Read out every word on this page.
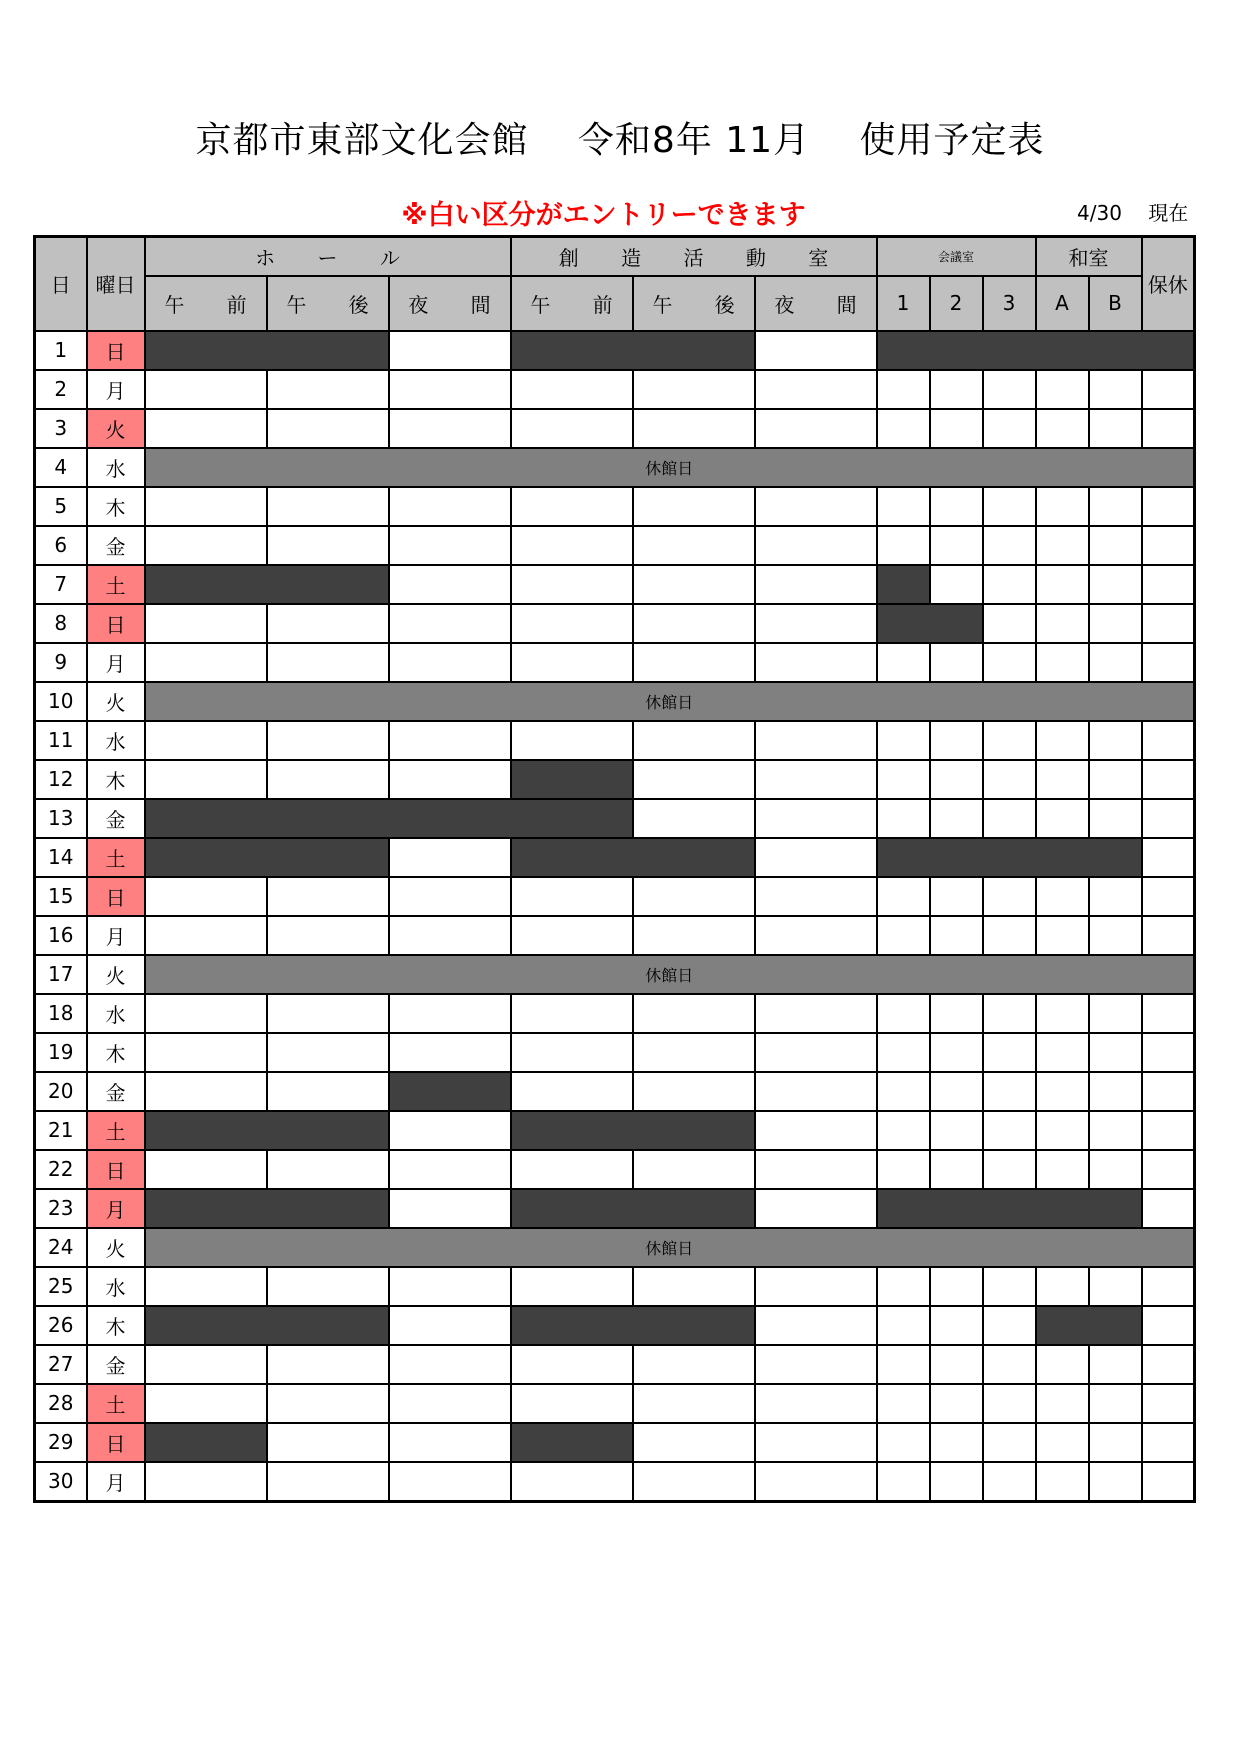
京都市東部文化会館　 令和8年 11月　 使用予定表
※白い区分がエントリーできます	4/30　 現在
日	曜日	ホ ー ル			創 造 活 動 室			会議室			和室		保休
		午 前	午 後	夜 間	午 前	午 後	夜 間	1	2	3	A	B	
1	日												
2	月												
3	火												
4	水	休館日											
5	木												
6	金												
7	土												
8	日												
9	月												
10	火	休館日											
11	水												
12	木												
13	金												
14	土												
15	日												
16	月												
17	火	休館日											
18	水												
19	木												
20	金												
21	土												
22	日												
23	月												
24	火	休館日											
25	水												
26	木												
27	金												
28	土												
29	日												
30	月												
